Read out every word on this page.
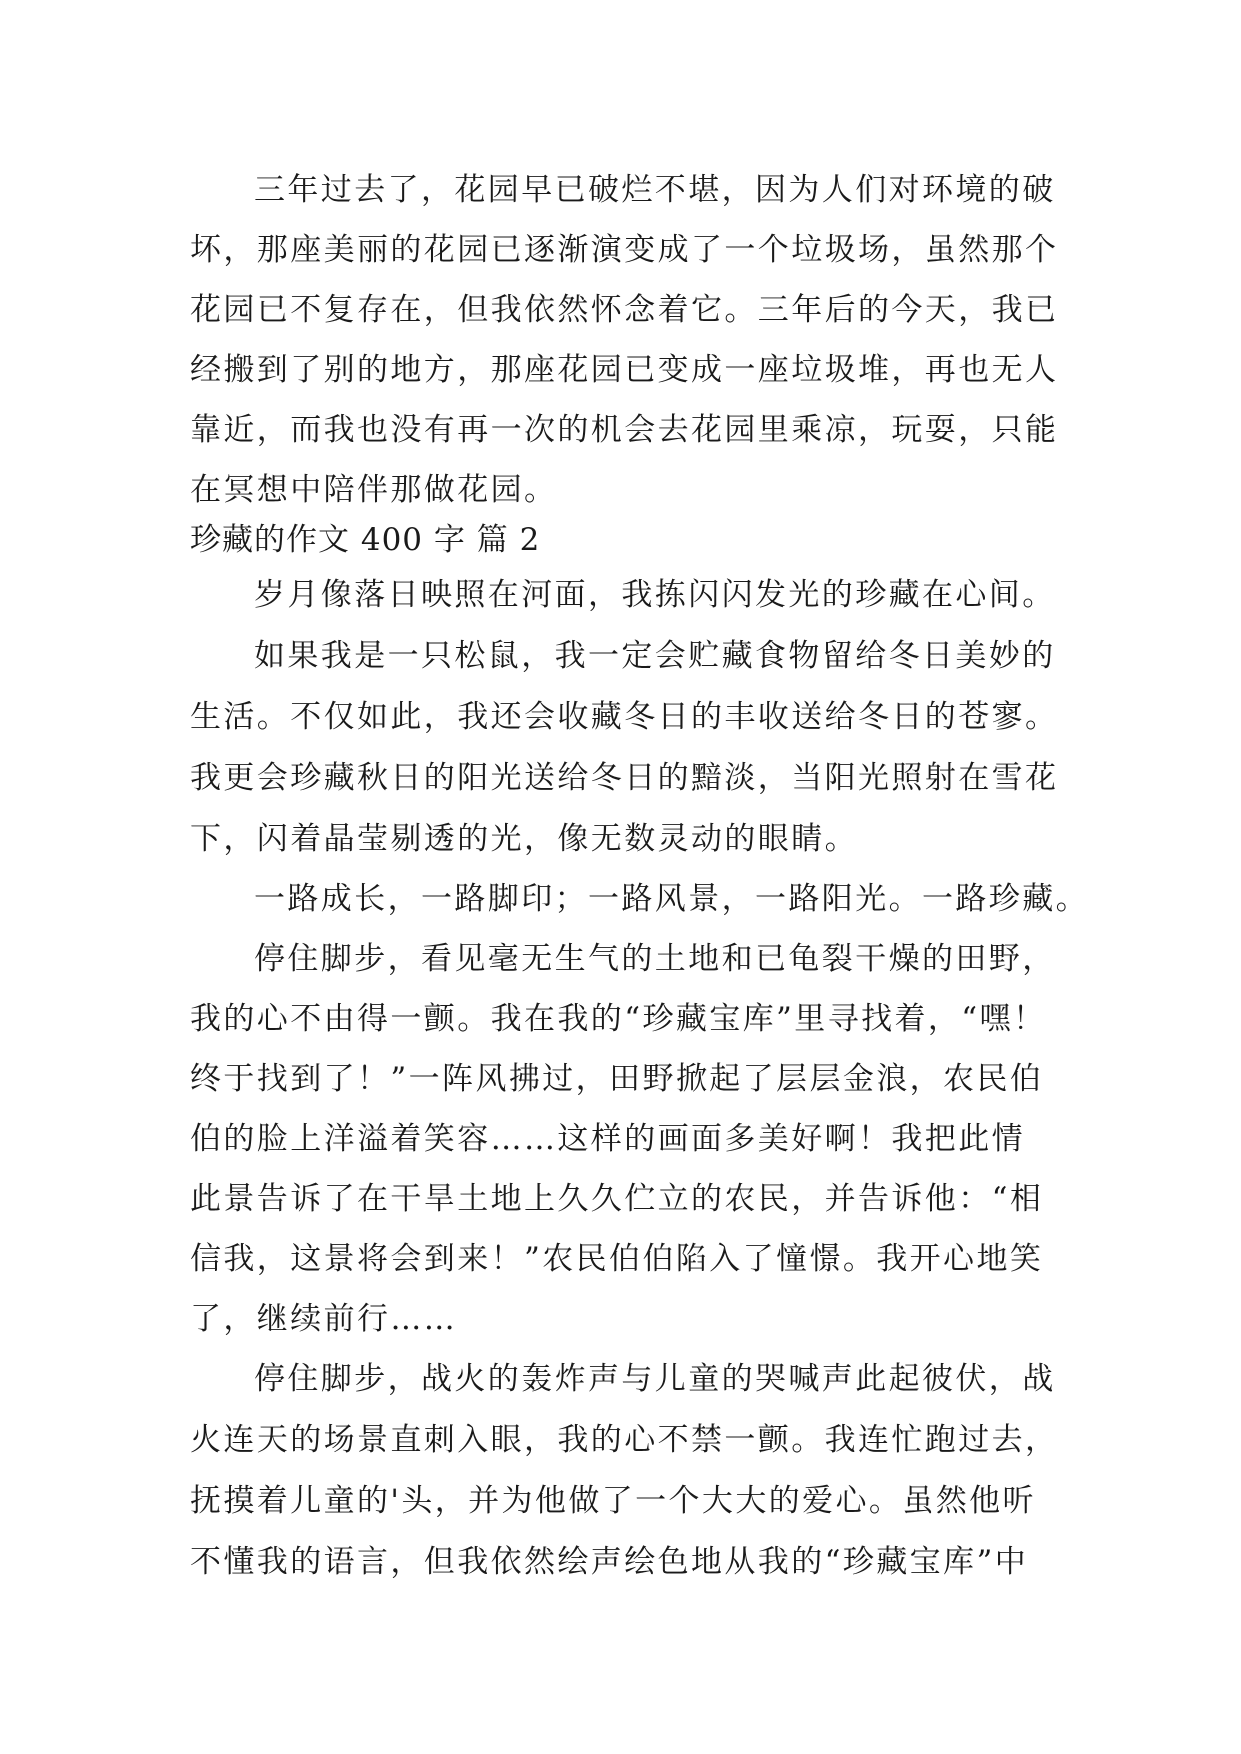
三年过去了，花园早已破烂不堪，因为人们对环境的破
坏，那座美丽的花园已逐渐演变成了一个垃圾场，虽然那个
花园已不复存在，但我依然怀念着它。三年后的今天，我已
经搬到了别的地方，那座花园已变成一座垃圾堆，再也无人
靠近，而我也没有再一次的机会去花园里乘凉，玩耍，只能
在冥想中陪伴那做花园。
珍藏的作文 400 字 篇 2
岁月像落日映照在河面，我拣闪闪发光的珍藏在心间。
如果我是一只松鼠，我一定会贮藏食物留给冬日美妙的
生活。不仅如此，我还会收藏冬日的丰收送给冬日的苍寥。
我更会珍藏秋日的阳光送给冬日的黯淡，当阳光照射在雪花
下，闪着晶莹剔透的光，像无数灵动的眼睛。
一路成长，一路脚印；一路风景，一路阳光。一路珍藏。
停住脚步，看见毫无生气的土地和已龟裂干燥的田野，
我的心不由得一颤。我在我的“珍藏宝库”里寻找着，“嘿！
终于找到了！”一阵风拂过，田野掀起了层层金浪，农民伯
伯的脸上洋溢着笑容……这样的画面多美好啊！我把此情
此景告诉了在干旱土地上久久伫立的农民，并告诉他：“相
信我，这景将会到来！”农民伯伯陷入了憧憬。我开心地笑
了，继续前行……
停住脚步，战火的轰炸声与儿童的哭喊声此起彼伏，战
火连天的场景直刺入眼，我的心不禁一颤。我连忙跑过去，
抚摸着儿童的'头，并为他做了一个大大的爱心。虽然他听
不懂我的语言，但我依然绘声绘色地从我的“珍藏宝库”中
